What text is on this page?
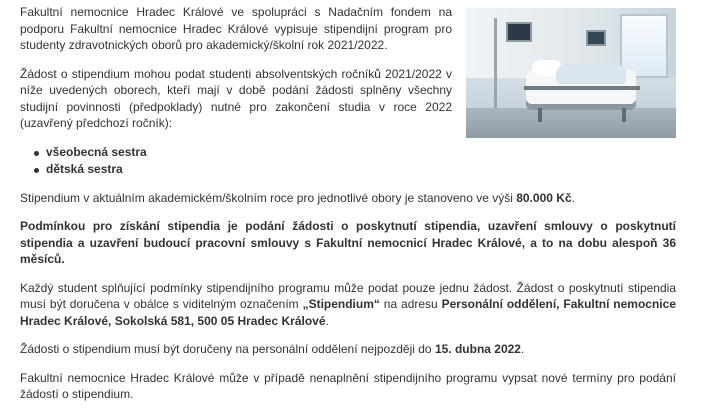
Fakultní nemocnice Hradec Králové ve spolupráci s Nadačním fondem na podporu Fakultní nemocnice Hradec Králové vypisuje stipendijní program pro studenty zdravotnických oborů pro akademický/školní rok 2021/2022.

Žádost o stipendium mohou podat studenti absolventských ročníků 2021/2022 v níže uvedených oborech, kteří mají v době podání žádosti splněny všechny studijní povinnosti (předpoklady) nutné pro zakončení studia v roce 2022 (uzavřený předchozí ročník):

všeobecná sestra
dětská sestra

Stipendium v aktuálním akademickém/školním roce pro jednotlivé obory je stanoveno ve výši 80.000 Kč.

Podmínkou pro získání stipendia je podání žádosti o poskytnutí stipendia, uzavření smlouvy o poskytnutí stipendia a uzavření budoucí pracovní smlouvy s Fakultní nemocnicí Hradec Králové, a to na dobu alespoň 36 měsíců.

Každý student splňující podmínky stipendijního programu může podat pouze jednu žádost. Žádost o poskytnutí stipendia musí být doručena v obálce s viditelným označením „Stipendium“ na adresu Personální oddělení, Fakultní nemocnice Hradec Králové, Sokolská 581, 500 05 Hradec Králové.

Žádosti o stipendium musí být doručeny na personální oddělení nejpozději do 15. dubna 2022.

Fakultní nemocnice Hradec Králové může v případě nenaplnění stipendijního programu vypsat nové termíny pro podání žádostí o stipendium.
